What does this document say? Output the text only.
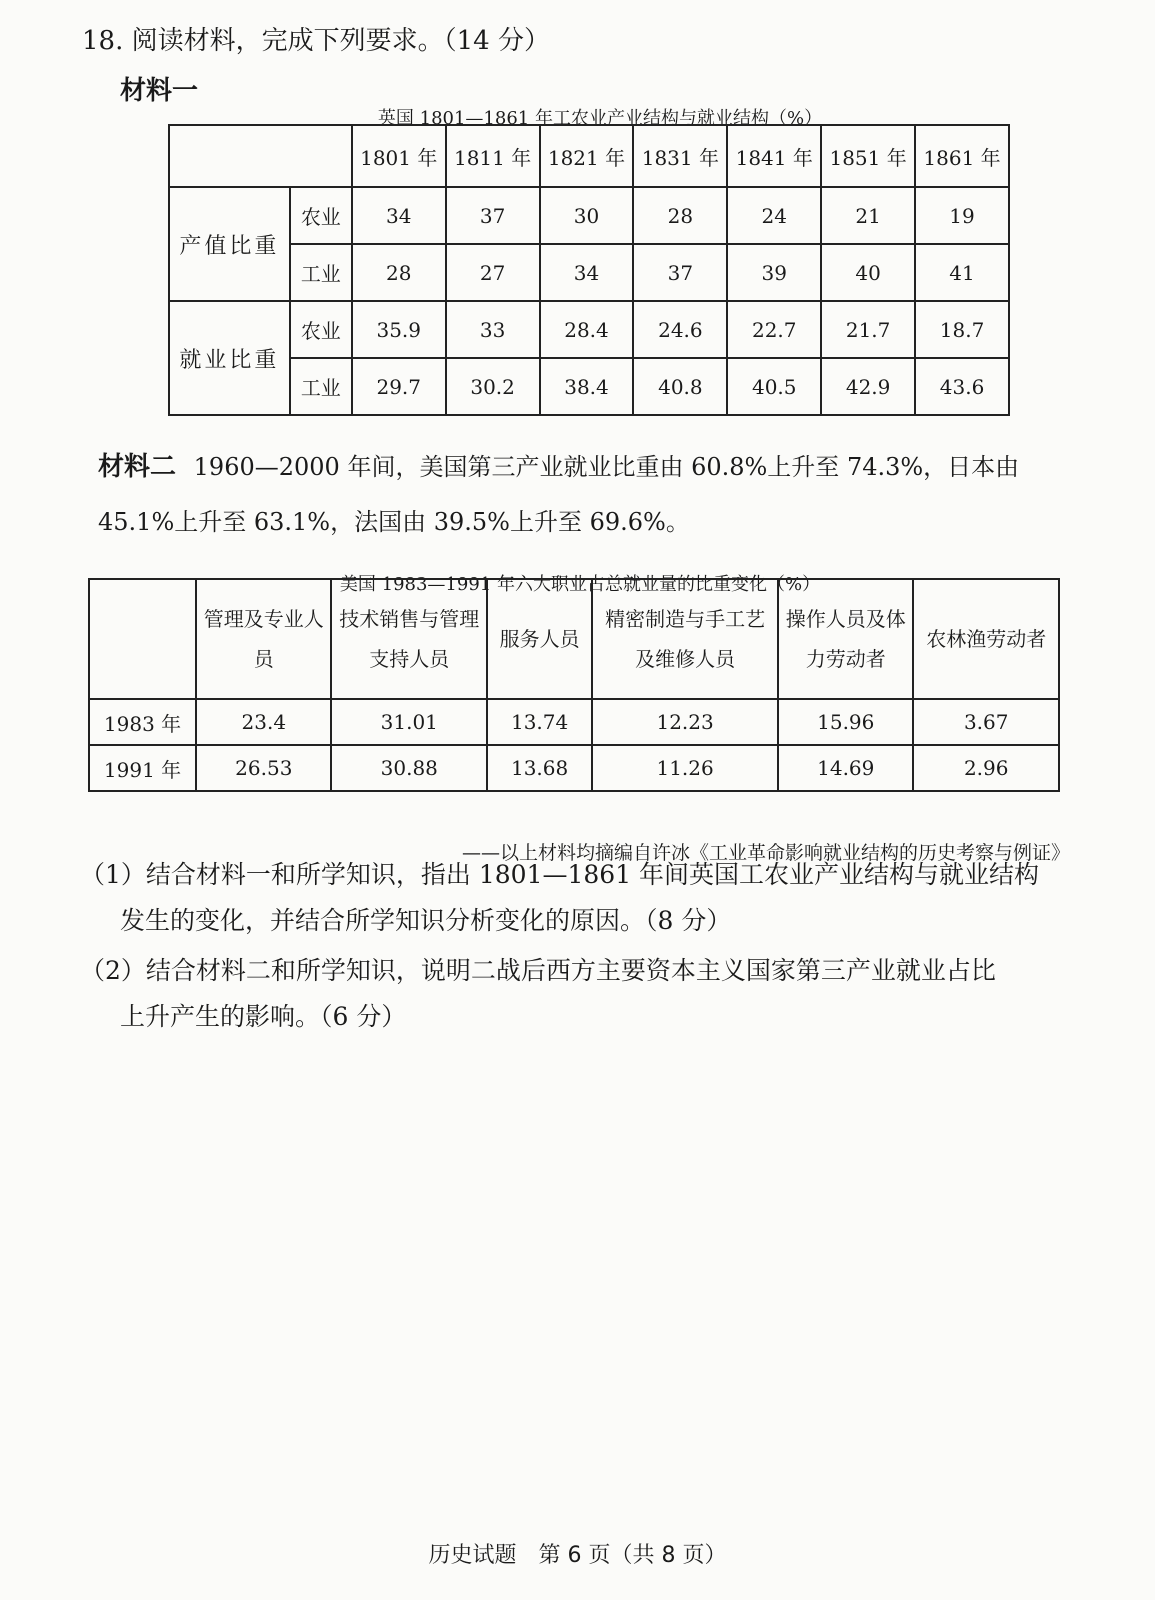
18. 阅读材料，完成下列要求。（14 分）
材料一
英国 1801—1861 年工农业产业结构与就业结构（%）
		1801 年	1811 年	1821 年	1831 年	1841 年	1851 年	1861 年
产值比重	农业	34	37	30	28	24	21	19
	工业	28	27	34	37	39	40	41
就业比重	农业	35.9	33	28.4	24.6	22.7	21.7	18.7
	工业	29.7	30.2	38.4	40.8	40.5	42.9	43.6
材料二 1960—2000 年间，美国第三产业就业比重由 60.8%上升至 74.3%，日本由45.1%上升至 63.1%，法国由 39.5%上升至 69.6%。
美国 1983—1991 年六大职业占总就业量的比重变化（%）
	管理及专业人员	技术销售与管理支持人员	服务人员	精密制造与手工艺及维修人员	操作人员及体力劳动者	农林渔劳动者
1983 年	23.4	31.01	13.74	12.23	15.96	3.67
1991 年	26.53	30.88	13.68	11.26	14.69	2.96
——以上材料均摘编自许冰《工业革命影响就业结构的历史考察与例证》
（1）结合材料一和所学知识，指出 1801—1861 年间英国工农业产业结构与就业结构
发生的变化，并结合所学知识分析变化的原因。（8 分）
（2）结合材料二和所学知识，说明二战后西方主要资本主义国家第三产业就业占比
上升产生的影响。（6 分）
历史试题　第 6 页（共 8 页）
